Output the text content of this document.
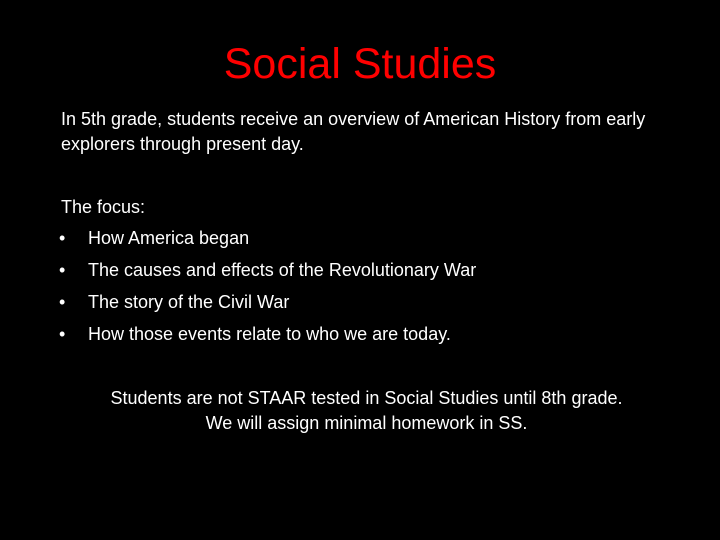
Social Studies

In 5th grade, students receive an overview of American History from early explorers through present day.

The focus:

•	How America began
•	The causes and effects of the Revolutionary War
•	The story of the Civil War
•	How those events relate to who we are today.
Students are not STAAR tested in Social Studies until 8th grade.
We will assign minimal homework in SS.
